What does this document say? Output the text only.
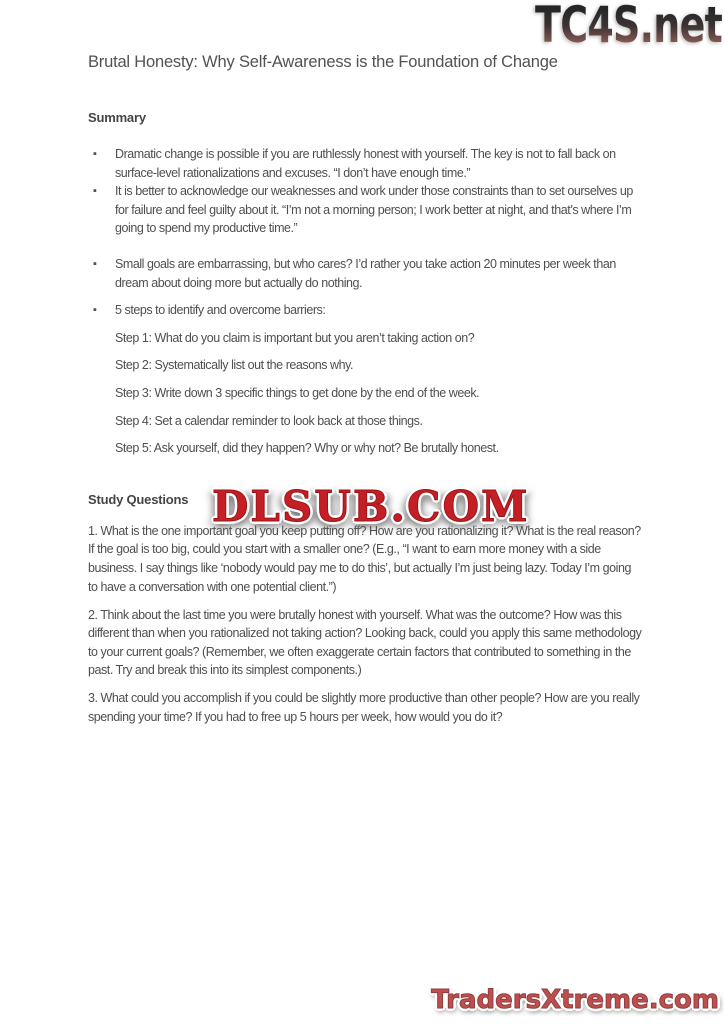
TC4S.net
Brutal Honesty: Why Self-Awareness is the Foundation of Change
Summary
▪ Dramatic change is possible if you are ruthlessly honest with yourself. The key is not to fall back on surface-level rationalizations and excuses. “I don’t have enough time.”
▪ It is better to acknowledge our weaknesses and work under those constraints than to set ourselves up for failure and feel guilty about it. “I’m not a morning person; I work better at night, and that’s where I’m going to spend my productive time.”
▪ Small goals are embarrassing, but who cares? I’d rather you take action 20 minutes per week than dream about doing more but actually do nothing.
▪ 5 steps to identify and overcome barriers:

Step 1: What do you claim is important but you aren’t taking action on?

Step 2: Systematically list out the reasons why.

Step 3: Write down 3 specific things to get done by the end of the week.

Step 4: Set a calendar reminder to look back at those things.

Step 5: Ask yourself, did they happen? Why or why not? Be brutally honest.

Study Questions

1. What is the one important goal you keep putting off? How are you rationalizing it? What is the real reason? If the goal is too big, could you start with a smaller one? (E.g., “I want to earn more money with a side business. I say things like ‘nobody would pay me to do this’, but actually I’m just being lazy. Today I’m going to have a conversation with one potential client.”)

2. Think about the last time you were brutally honest with yourself. What was the outcome? How was this different than when you rationalized not taking action? Looking back, could you apply this same methodology to your current goals? (Remember, we often exaggerate certain factors that contributed to something in the past. Try and break this into its simplest components.)

3. What could you accomplish if you could be slightly more productive than other people? How are you really spending your time? If you had to free up 5 hours per week, how would you do it?

DLSUB.COM
TradersXtreme.com
